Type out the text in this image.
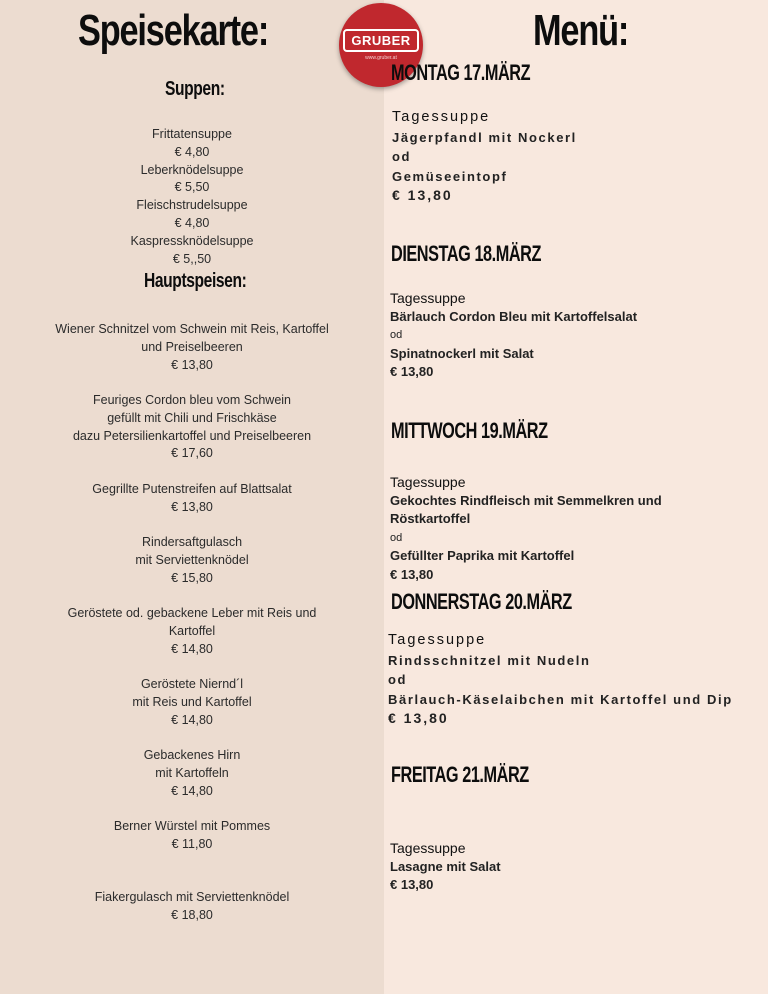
Speisekarte:
Suppen:
Frittatensuppe
€ 4,80
Leberknödelsuppe
€ 5,50
Fleischstrudelsuppe
€ 4,80
Kaspressknödelsuppe
€ 5,,50
Hauptspeisen:
Wiener Schnitzel vom Schwein mit Reis, Kartoffel
und Preiselbeeren
€ 13,80
Feuriges Cordon bleu vom Schwein
gefüllt mit Chili und Frischkäse
dazu Petersilienkartoffel und Preiselbeeren
€ 17,60
Gegrillte Putenstreifen auf Blattsalat
€ 13,80
Rindersaftgulasch
mit Serviettenknödel
€ 15,80
Geröstete od. gebackene Leber mit Reis und
Kartoffel
€ 14,80
Geröstete Niernd´l
mit Reis und Kartoffel
€ 14,80
Gebackenes Hirn
mit Kartoffeln
€ 14,80
Berner Würstel mit Pommes
€ 11,80
Fiakergulasch mit Serviettenknödel
€ 18,80
GRUBER
www.gruber.at
Menü:
MONTAG 17.MÄRZ
Tagessuppe
Jägerpfandl mit Nockerl
od
Gemüseeintopf
€ 13,80
DIENSTAG 18.MÄRZ
Tagessuppe
Bärlauch Cordon Bleu mit Kartoffelsalat
od
Spinatnockerl mit Salat
€ 13,80
MITTWOCH 19.MÄRZ
Tagessuppe
Gekochtes Rindfleisch mit Semmelkren und
Röstkartoffel
od
Gefüllter Paprika mit Kartoffel
€ 13,80
DONNERSTAG 20.MÄRZ
Tagessuppe
Rindsschnitzel mit Nudeln
od
Bärlauch-Käselaibchen mit Kartoffel und Dip
€ 13,80
FREITAG 21.MÄRZ
Tagessuppe
Lasagne mit Salat
€ 13,80
